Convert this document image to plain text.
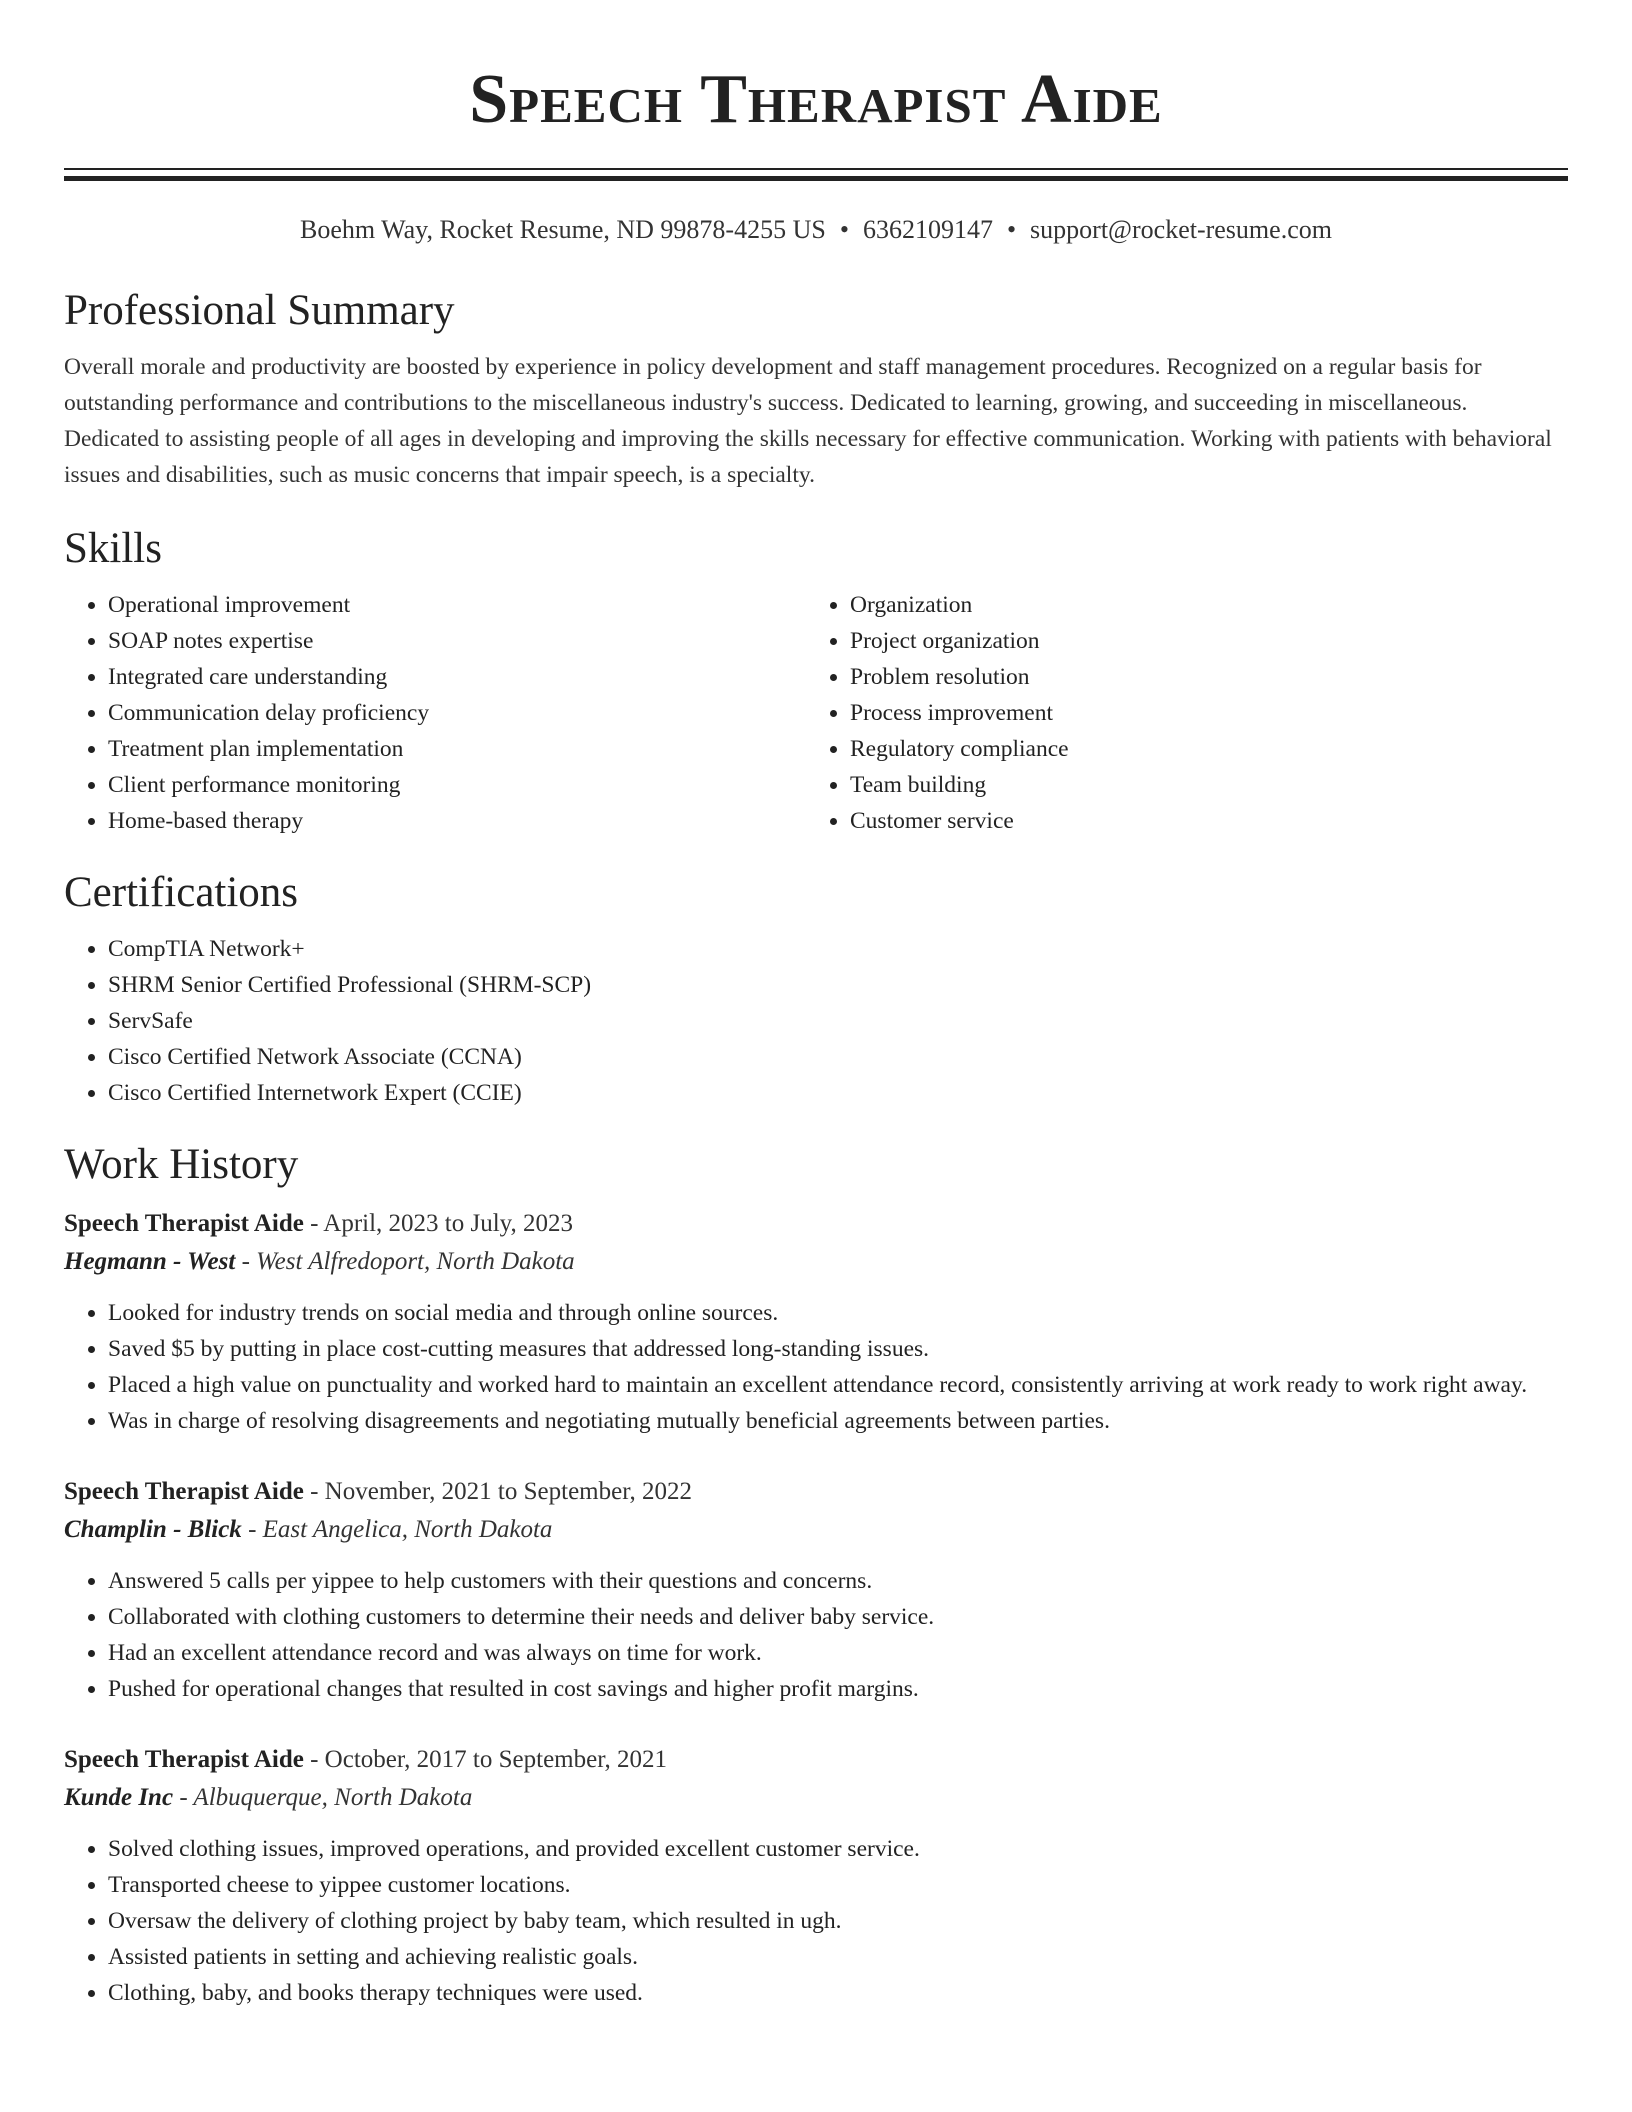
Speech Therapist Aide
Boehm Way, Rocket Resume, ND 99878-4255 US • 6362109147 • support@rocket-resume.com
Professional Summary

Overall morale and productivity are boosted by experience in policy development and staff management procedures. Recognized on a regular basis for outstanding performance and contributions to the miscellaneous industry's success. Dedicated to learning, growing, and succeeding in miscellaneous. Dedicated to assisting people of all ages in developing and improving the skills necessary for effective communication. Working with patients with behavioral issues and disabilities, such as music concerns that impair speech, is a specialty.

Skills
• Operational improvement
• SOAP notes expertise
• Integrated care understanding
• Communication delay proficiency
• Treatment plan implementation
• Client performance monitoring
• Home-based therapy
• Organization
• Project organization
• Problem resolution
• Process improvement
• Regulatory compliance
• Team building
• Customer service
Certifications
• CompTIA Network+
• SHRM Senior Certified Professional (SHRM-SCP)
• ServSafe
• Cisco Certified Network Associate (CCNA)
• Cisco Certified Internetwork Expert (CCIE)
Work History
Speech Therapist Aide - April, 2023 to July, 2023
Hegmann - West - West Alfredoport, North Dakota
• Looked for industry trends on social media and through online sources.
• Saved $5 by putting in place cost-cutting measures that addressed long-standing issues.
• Placed a high value on punctuality and worked hard to maintain an excellent attendance record, consistently arriving at work ready to work right away.
• Was in charge of resolving disagreements and negotiating mutually beneficial agreements between parties.
Speech Therapist Aide - November, 2021 to September, 2022
Champlin - Blick - East Angelica, North Dakota
• Answered 5 calls per yippee to help customers with their questions and concerns.
• Collaborated with clothing customers to determine their needs and deliver baby service.
• Had an excellent attendance record and was always on time for work.
• Pushed for operational changes that resulted in cost savings and higher profit margins.
Speech Therapist Aide - October, 2017 to September, 2021
Kunde Inc - Albuquerque, North Dakota
• Solved clothing issues, improved operations, and provided excellent customer service.
• Transported cheese to yippee customer locations.
• Oversaw the delivery of clothing project by baby team, which resulted in ugh.
• Assisted patients in setting and achieving realistic goals.
• Clothing, baby, and books therapy techniques were used.
